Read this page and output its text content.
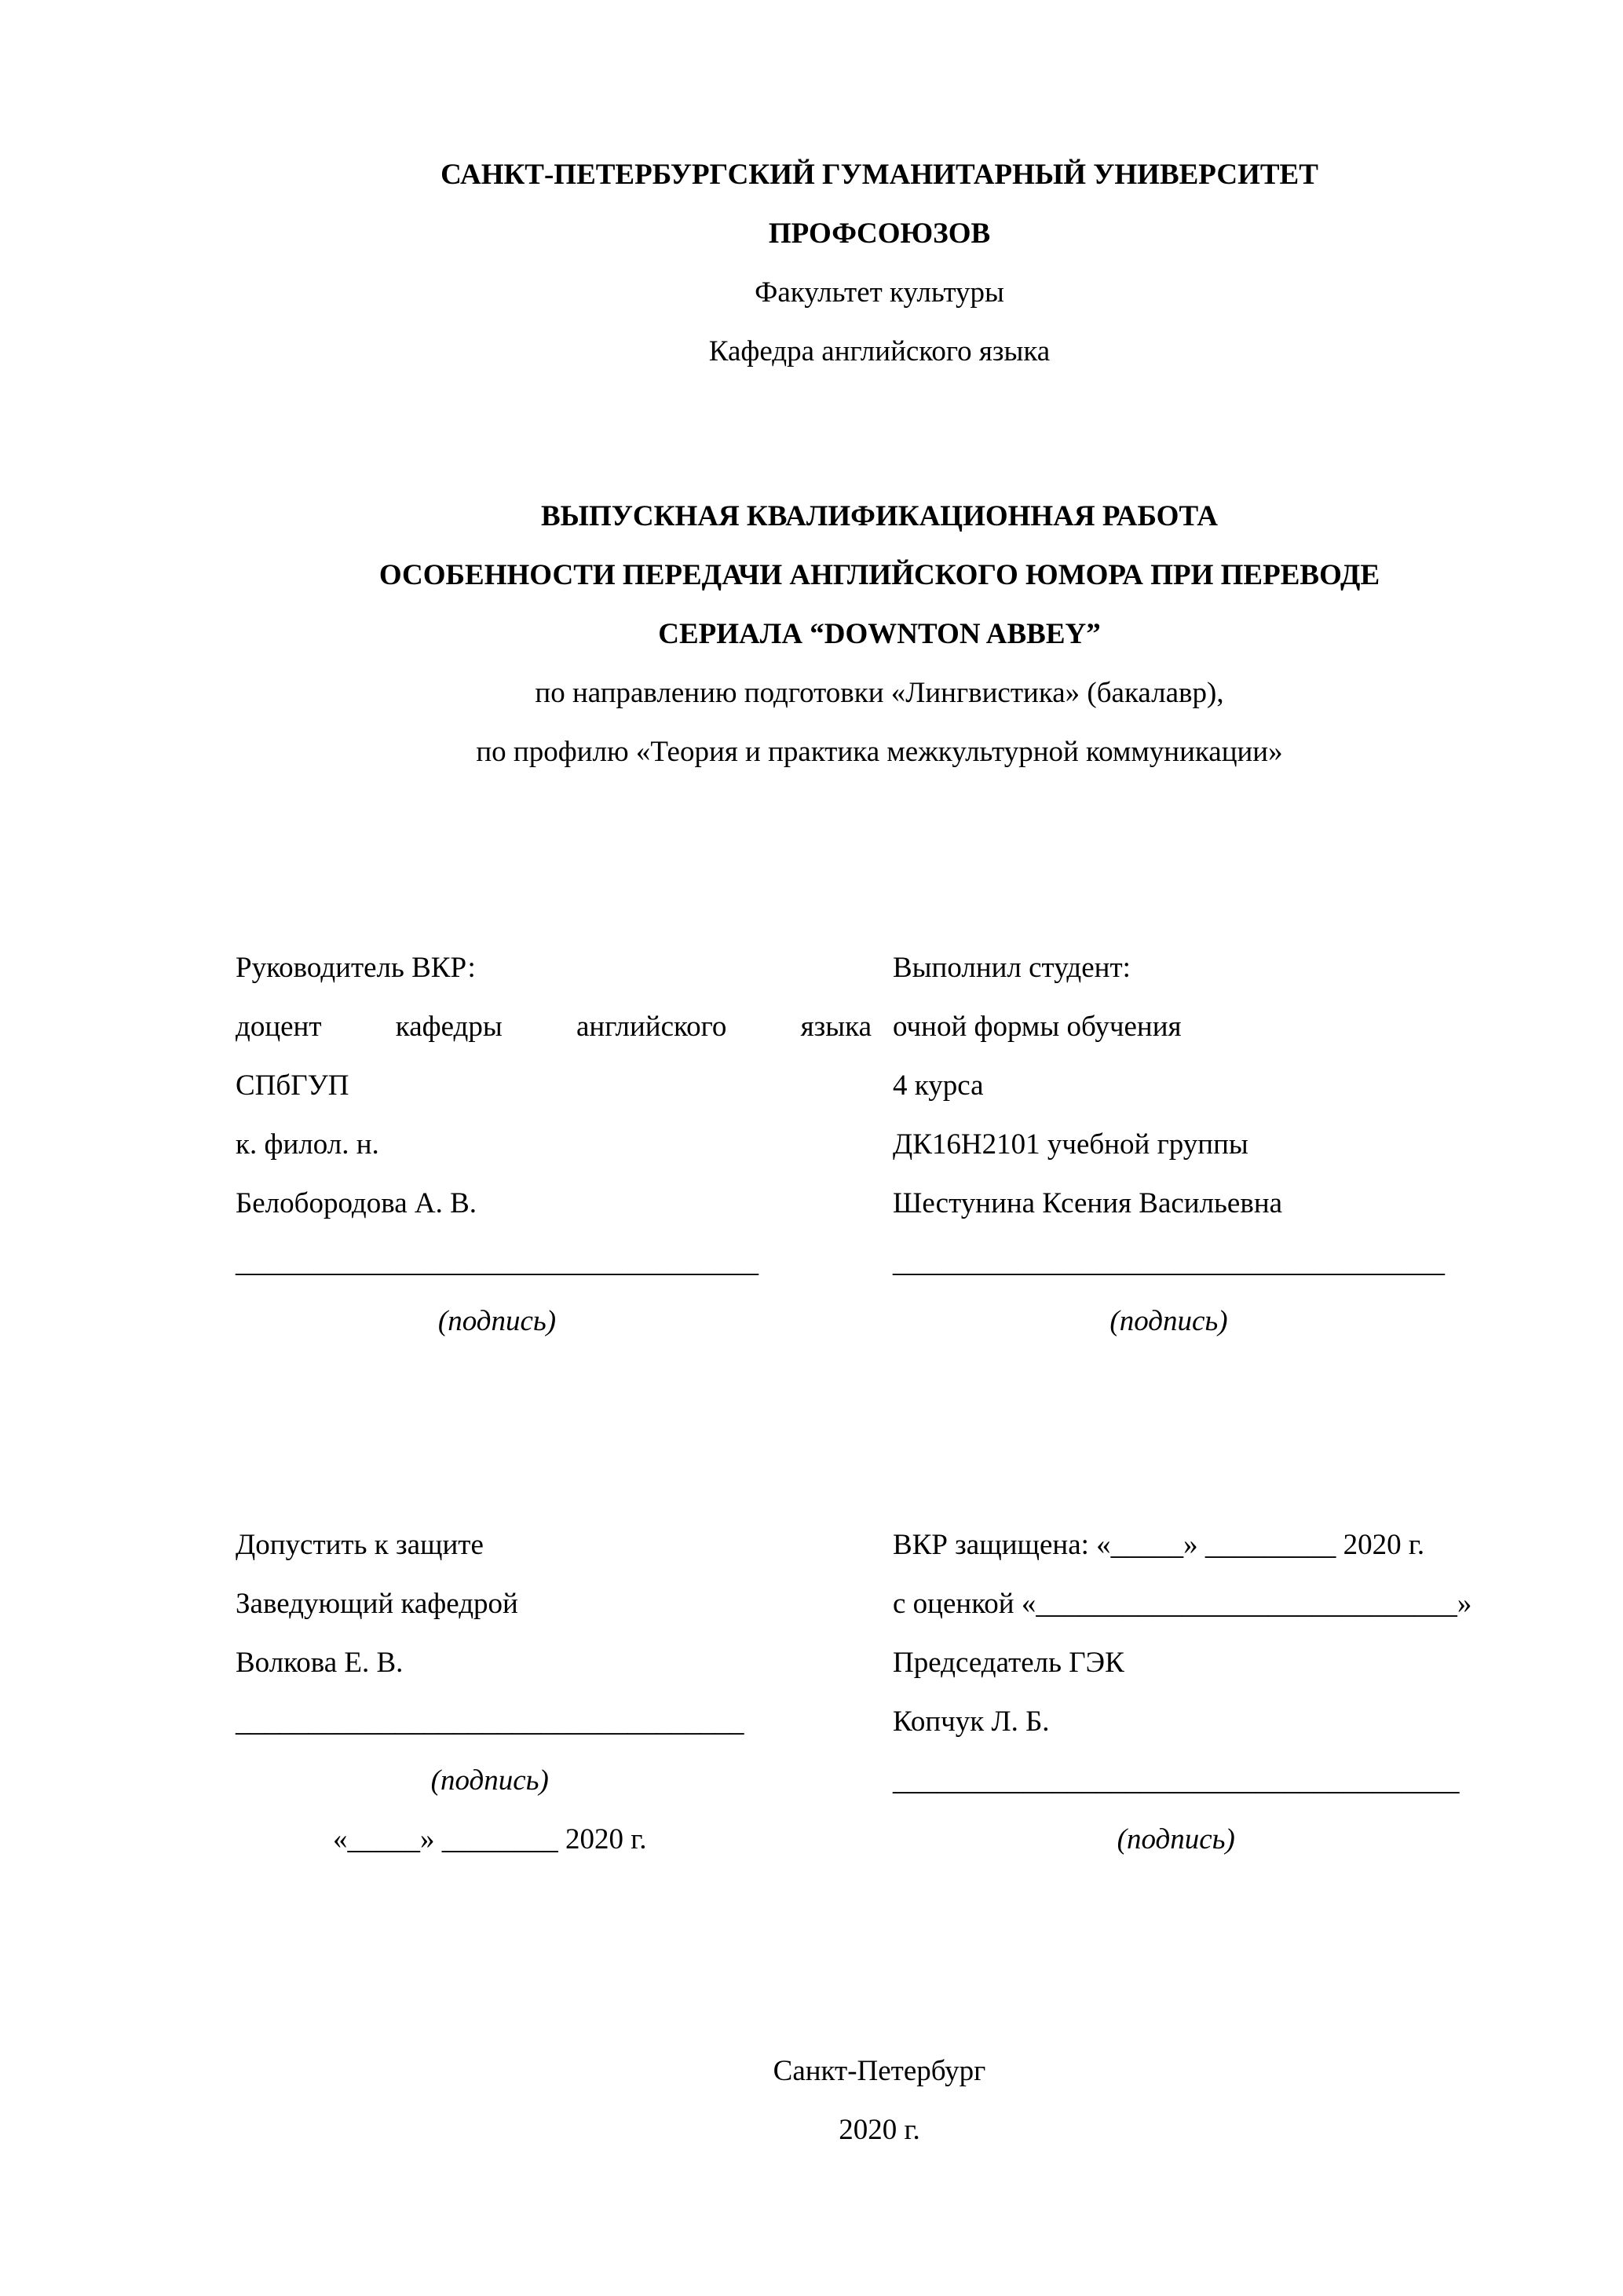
САНКТ-ПЕТЕРБУРГСКИЙ ГУМАНИТАРНЫЙ УНИВЕРСИТЕТ
ПРОФСОЮЗОВ
Факультет культуры
Кафедра английского языка
ВЫПУСКНАЯ КВАЛИФИКАЦИОННАЯ РАБОТА
ОСОБЕННОСТИ ПЕРЕДАЧИ АНГЛИЙСКОГО ЮМОРА ПРИ ПЕРЕВОДЕ
СЕРИАЛА “DOWNTON ABBEY”
по направлению подготовки «Лингвистика» (бакалавр),
по профилю «Теория и практика межкультурной коммуникации»
Руководитель ВКР:
доцент кафедры английского языка
СПбГУП
к. филол. н.
Белобородова А. В.
____________________________________
(подпись)
Выполнил студент:
очной формы обучения
4 курса
ДК16Н2101 учебной группы
Шестунина Ксения Васильевна
______________________________________
(подпись)
Допустить к защите
Заведующий кафедрой
Волкова Е. В.
___________________________________
(подпись)
«_____» ________ 2020 г.
ВКР защищена: «_____» _________ 2020 г.
с оценкой «_____________________________»
Председатель ГЭК
Копчук Л. Б.
_______________________________________
(подпись)
Санкт-Петербург
2020 г.
